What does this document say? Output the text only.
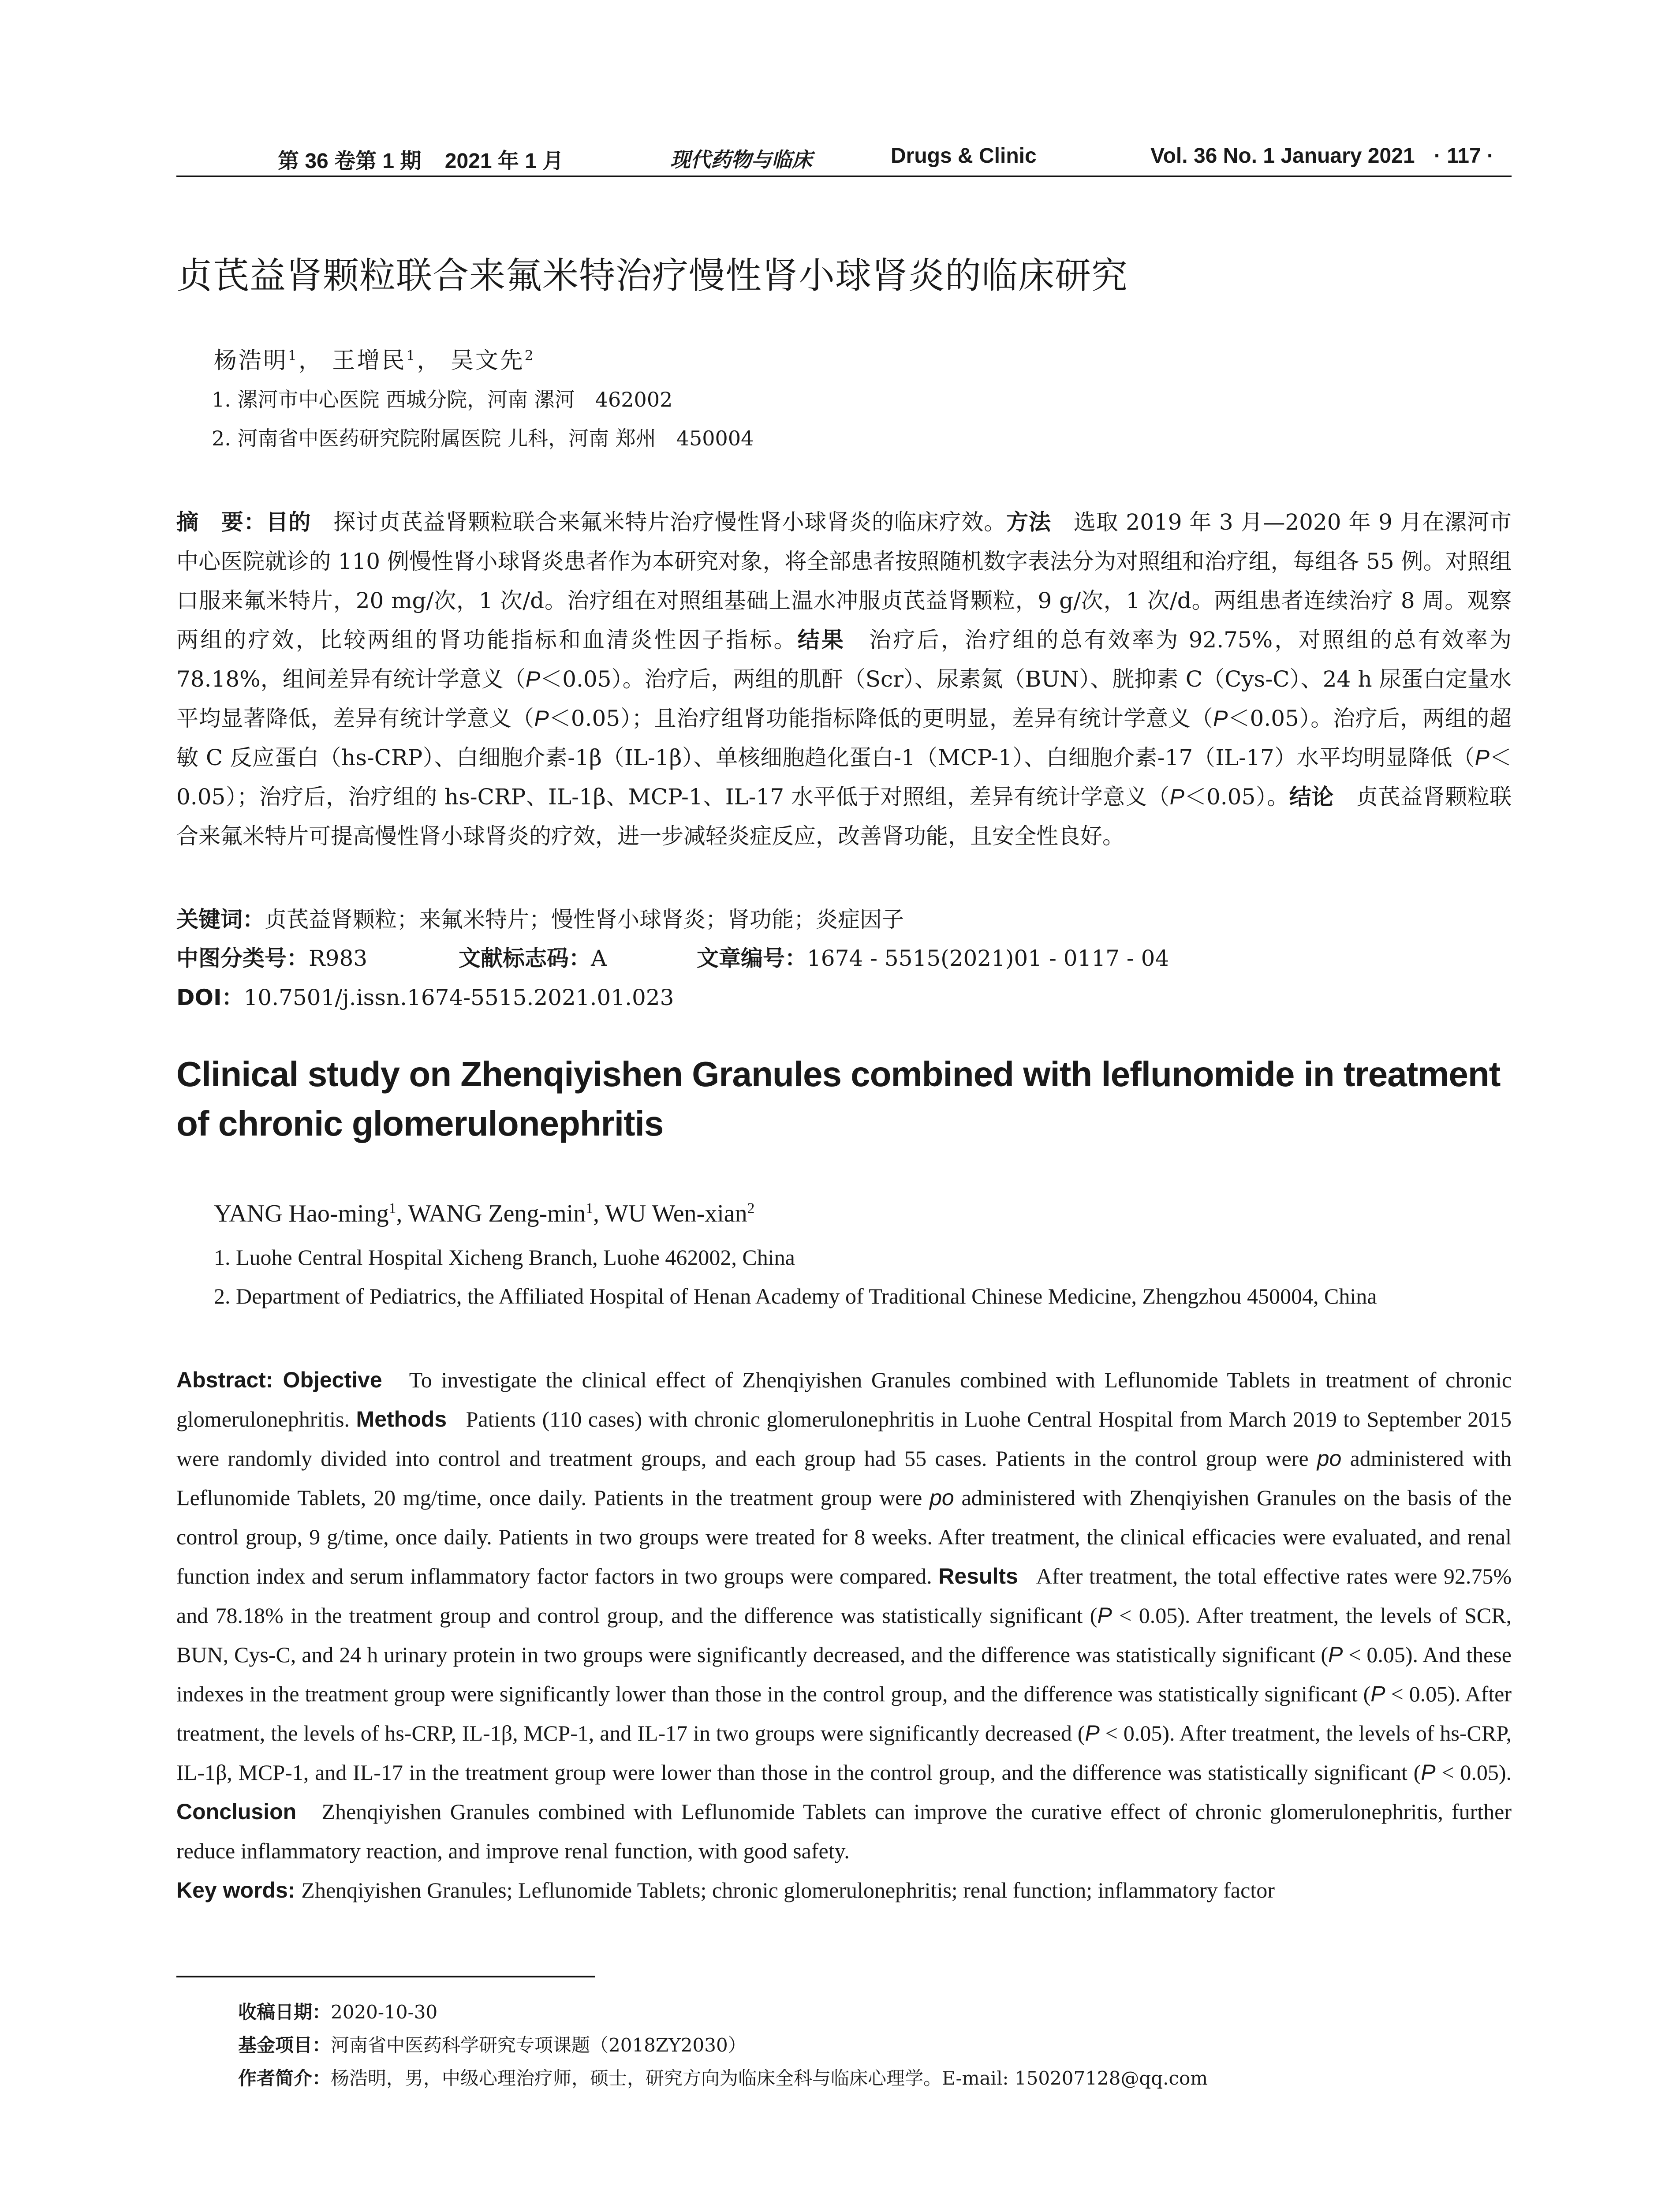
第 36 卷第 1 期 2021 年 1 月	现代药物与临床	Drugs & Clinic	Vol. 36 No. 1 January 2021 · 117 ·
贞芪益肾颗粒联合来氟米特治疗慢性肾小球肾炎的临床研究
杨浩明$^1$， 王增民$^1$， 吴文先$^2$
1. 漯河市中心医院 西城分院，河南 漯河　462002
2. 河南省中医药研究院附属医院 儿科，河南 郑州　450004
摘　要：目的　 探讨贞芪益肾颗粒联合来氟米特片治疗慢性肾小球肾炎的临床疗效。方法　 选取 2019 年 3 月—2020 年 9 月在漯河市中心医院就诊的 110 例慢性肾小球肾炎患者作为本研究对象，将全部患者按照随机数字表法分为对照组和治疗组，每组各 55 例。对照组口服来氟米特片，20 mg/次，1 次/d。治疗组在对照组基础上温水冲服贞芪益肾颗粒，9 g/次，1 次/d。两组患者连续治疗 8 周。观察两组的疗效，比较两组的肾功能指标和血清炎性因子指标。结果　 治疗后，治疗组的总有效率为 92.75%，对照组的总有效率为 78.18%，组间差异有统计学意义（P＜0.05）。治疗后，两组的肌酐（Scr）、尿素氮（BUN）、胱抑素 C（Cys-C）、24 h 尿蛋白定量水平均显著降低，差异有统计学意义（P＜0.05）；且治疗组肾功能指标降低的更明显，差异有统计学意义（P＜0.05）。治疗后，两组的超敏 C 反应蛋白（hs-CRP）、白细胞介素-1β（IL-1β）、单核细胞趋化蛋白-1（MCP-1）、白细胞介素-17（IL-17）水平均明显降低（P＜0.05）；治疗后，治疗组的 hs-CRP、IL-1β、MCP-1、IL-17 水平低于对照组，差异有统计学意义（P＜0.05）。结论　 贞芪益肾颗粒联合来氟米特片可提高慢性肾小球肾炎的疗效，进一步减轻炎症反应，改善肾功能，且安全性良好。
关键词：贞芪益肾颗粒；来氟米特片；慢性肾小球肾炎；肾功能；炎症因子
中图分类号：R983	文献标志码：A	文章编号：1674 - 5515(2021)01 - 0117 - 04
DOI：10.7501/j.issn.1674-5515.2021.01.023
Clinical study on Zhenqiyishen Granules combined with leflunomide in treatment of chronic glomerulonephritis
YANG Hao-ming$^1$, WANG Zeng-$\min^1$, WU Wen-xian$^2$
1. Luohe Central Hospital Xicheng Branch, Luohe 462002, China
2. Department of Pediatrics, the Affiliated Hospital of Henan Academy of Traditional Chinese Medicine, Zhengzhou 450004, China
Abstract: Objective To investigate the clinical effect of Zhenqiyishen Granules combined with Leflunomide Tablets in treatment of chronic glomerulonephritis. Methods Patients (110 cases) with chronic glomerulonephritis in Luohe Central Hospital from March 2019 to September 2015 were randomly divided into control and treatment groups, and each group had 55 cases. Patients in the control group were po administered with Leflunomide Tablets, 20 mg/time, once daily. Patients in the treatment group were po administered with Zhenqiyishen Granules on the basis of the control group, 9 g/time, once daily. Patients in two groups were treated for 8 weeks. After treatment, the clinical efficacies were evaluated, and renal function index and serum inflammatory factor factors in two groups were compared. Results After treatment, the total effective rates were 92.75% and 78.18% in the treatment group and control group, and the difference was statistically significant (P < 0.05). After treatment, the levels of SCR, BUN, Cys-C, and 24 h urinary protein in two groups were significantly decreased, and the difference was statistically significant (P < 0.05). And these indexes in the treatment group were significantly lower than those in the control group, and the difference was statistically significant (P < 0.05). After treatment, the levels of hs-CRP, IL-1β, MCP-1, and IL-17 in two groups were significantly decreased (P < 0.05). After treatment, the levels of hs-CRP, IL-1β, MCP-1, and IL-17 in the treatment group were lower than those in the control group, and the difference was statistically significant (P < 0.05). Conclusion Zhenqiyishen Granules combined with Leflunomide Tablets can improve the curative effect of chronic glomerulonephritis, further reduce inflammatory reaction, and improve renal function, with good safety.
Key words: Zhenqiyishen Granules; Leflunomide Tablets; chronic glomerulonephritis; renal function; inflammatory factor
收稿日期：2020-10-30
基金项目：河南省中医药科学研究专项课题（2018ZY2030）
作者简介：杨浩明，男，中级心理治疗师，硕士，研究方向为临床全科与临床心理学。E-mail: 150207128@qq.com
